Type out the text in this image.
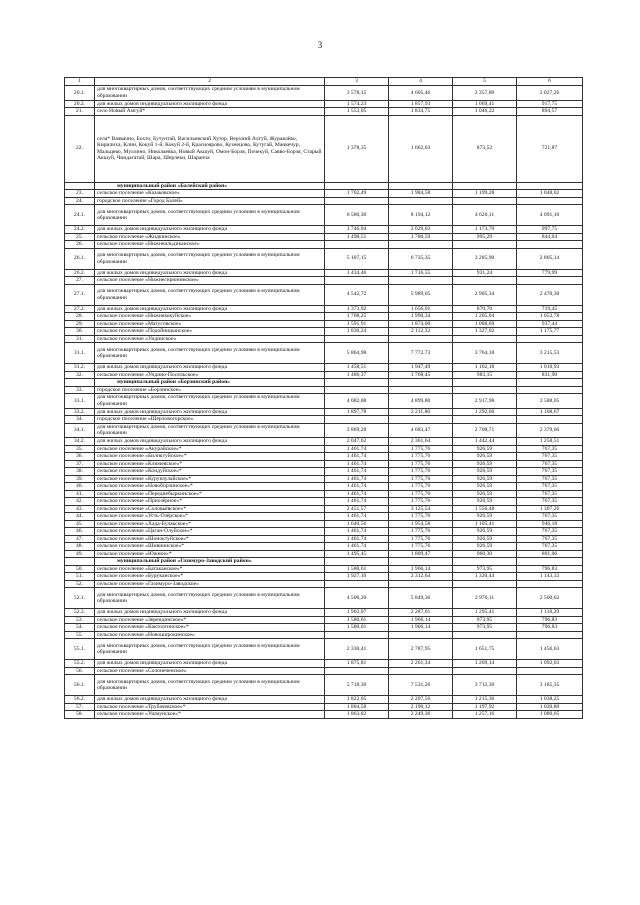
3
1	2	3	4	5	6
20.1.	для многоквартирных домов, соответствующих средним условиям в муниципальном образовании	3 578,15	4 605,46	2 357,80	2 027,26
20.2.	для жилых домов индивидуального жилищного фонда	1 574,23	1 857,93	1 069,41	917,75
21.	село Новый Амгуй*	1 553,05	1 834,75	1 046,22	894,57
22.	села* Вачвачно, Бохто, Бутунтай, Васильевский Хутор, Верхний Алгуй, Журавлёво, Кирилиха, Клин, Кокуй 1-й, Кокуй 2-й, Красноярово, Кузнецово, Кутугай, Манкечур, Мальцево, Муллино, Николаевка, Новый Акшуй, Омон-Борзя, Почекуй, Савво-Борзя, Старый Акшуй, Чиндагатай, Шара, Шерлеки, Шаранча	1 378,35	1 662,03	873,52	721,87
	муниципальный район «Балейский район»				
23.	сельское поселение «Казаковское»	1 702,49	1 984,58	1 199,28	1 048,02
24.	городское поселение «Город Балей»				
24.1.	для многоквартирных домов, соответствующих средним условиям в муниципальном образовании	6 580,30	8 194,12	4 620,11	4 091,16
24.2.	для жилых домов индивидуального жилищного фонда	1 746,94	2 029,03	1 173,70	997,75
25.	сельское поселение «Жидкинское»	1 498,51	1 780,59	995,29	844,04
26.	сельское поселение «Нижнеильдиканское»				
26.1.	для многоквартирных домов, соответствующих средним условиям в муниципальном образовании	5 107,15	6 735,35	3 285,90	2 805,14
26.2.	для жилых домов индивидуального жилищного фонда	1 434,46	1 716,55	931,24	779,99
27.	сельское поселение «Нижнегирюнинское»				
27.1.	для многоквартирных домов, соответствующих средним условиям в муниципальном образовании	4 542,72	5 989,05	2 905,34	2 470,30
27.2.	для жилых домов индивидуального жилищного фонда	1 373,92	1 656,01	870,70	719,45
28.	сельское поселение «Нижнекокуйское»	1 708,25	1 990,34	1 205,04	1 053,78
29.	сельское поселение «Матусовское»	1 591,91	1 874,00	1 088,69	937,44
30.	сельское поселение «Подойницынское»	1 830,24	2 112,32	1 327,02	1 175,77
31.	сельское поселение «Ундинское»				
31.1.	для многоквартирных домов, соответствующих средним условиям в муниципальном образовании	5 864,98	7 772,73	3 764,18	3 215,53
31.2.	для жилых домов индивидуального жилищного фонда	1 458,51	1 947,49	1 162,18	1 010,93
32.	сельское поселение «Ундино-Посельское»	1 486,37	1 768,45	983,15	831,90
	муниципальный район «Борзинский район»				
33.	городское поселение «Борзинское»				
33.1.	для многоквартирных домов, соответствующих средним условиям в муниципальном образовании	4 082,08	4 899,80	2 917,98	2 588,05
33.2.	для жилых домов индивидуального жилищного фонда	1 897,78	2 211,80	1 292,60	1 108,67
34.	городское поселение «Шерловогорское»				
34.1.	для многоквартирных домов, соответствующих средним условиям в муниципальном образовании	3 869,28	4 683,47	2 708,71	2 379,66
34.2.	для жилых домов индивидуального жилищного фонда	2 047,62	2 361,64	1 442,44	1 258,51
35.	сельское поселение «Акурайское»*	1 461,74	1 775,76	926,59	767,35
36.	сельское поселение «Биликтуйское»*	1 461,74	1 775,76	926,59	767,35
37.	сельское поселение «Ключевское»*	1 461,74	1 775,76	926,59	767,35
38.	сельское поселение «Кондуйское»*	1 461,74	1 775,76	926,59	767,35
39.	сельское поселение «Курунзулайское»*	1 461,74	1 775,76	926,59	767,35
40.	сельское поселение «Новоборзинское»*	1 461,74	1 775,76	926,59	767,35
41.	сельское поселение «Переднебыркинское»*	1 461,74	1 775,76	926,59	767,35
42.	сельское поселение «Приозёрное»*	1 461,74	1 775,76	926,59	767,35
43.	сельское поселение «Соловьёвское»*	2 451,57	3 125,54	1 556,48	1 307,26
44.	сельское поселение «Усть-Озёрское»*	1 461,74	1 775,76	926,59	767,35
45.	сельское поселение «Хада-Булакское»*	1 640,56	1 954,58	1 105,41	946,18
46.	сельское поселение «Цаган-Олуйское»*	1 461,74	1 775,76	926,59	767,35
47.	сельское поселение «Шоноктуйское»*	1 461,74	1 775,76	926,59	767,35
48.	сельское поселение «Шивиинское»*	1 461,74	1 775,76	926,59	767,35
49.	сельское поселение «Южное»*	1 495,45	1 809,47	960,30	801,06
	муниципальный район «Газимуро-Заводский район»				
50.	сельское поселение «Батаканское»*	1 580,61	1 966,14	973,95	796,83
51.	сельское поселение «Буруканское»*	1 927,10	2 312,64	1 320,44	1 143,33
52.	сельское поселение «Газимуро-Заводское»				
52.1.	для многоквартирных домов, соответствующих средним условиям в муниципальном образовании	4 506,26	5 849,36	2 970,11	2 560,62
52.2.	для жилых домов индивидуального жилищного фонда	1 902,07	2 287,61	1 295,41	1 118,29
53.	сельское поселение «Зерендинское»*	1 580,61	1 966,14	973,95	796,83
54.	сельское поселение «Кактолгинское»*	1 580,61	1 966,14	973,95	796,83
55.	сельское поселение «Новоширокинское»				
55.1.	для многоквартирных домов, соответствующих средним условиям в муниципальном образовании	2 330,41	2 787,95	1 651,75	1 456,63
55.2.	для жилых домов индивидуального жилищного фонда	1 875,81	2 261,34	1 269,14	1 092,03
56.	сельское поселение «Солонеченское»				
56.1.	для многоквартирных домов, соответствующих средним условиям в муниципальном образовании	5 718,30	7 531,26	3 712,30	3 185,35
56.2.	для жилых домов индивидуального жилищного фонда	1 822,05	2 207,56	1 215,36	1 038,25
57.	сельское поселение «Трубачевское»*	1 804,58	2 190,12	1 197,92	1 020,80
58.	сельское поселение «Ушмунское»*	1 863,82	2 249,36	1 257,16	1 080,05
